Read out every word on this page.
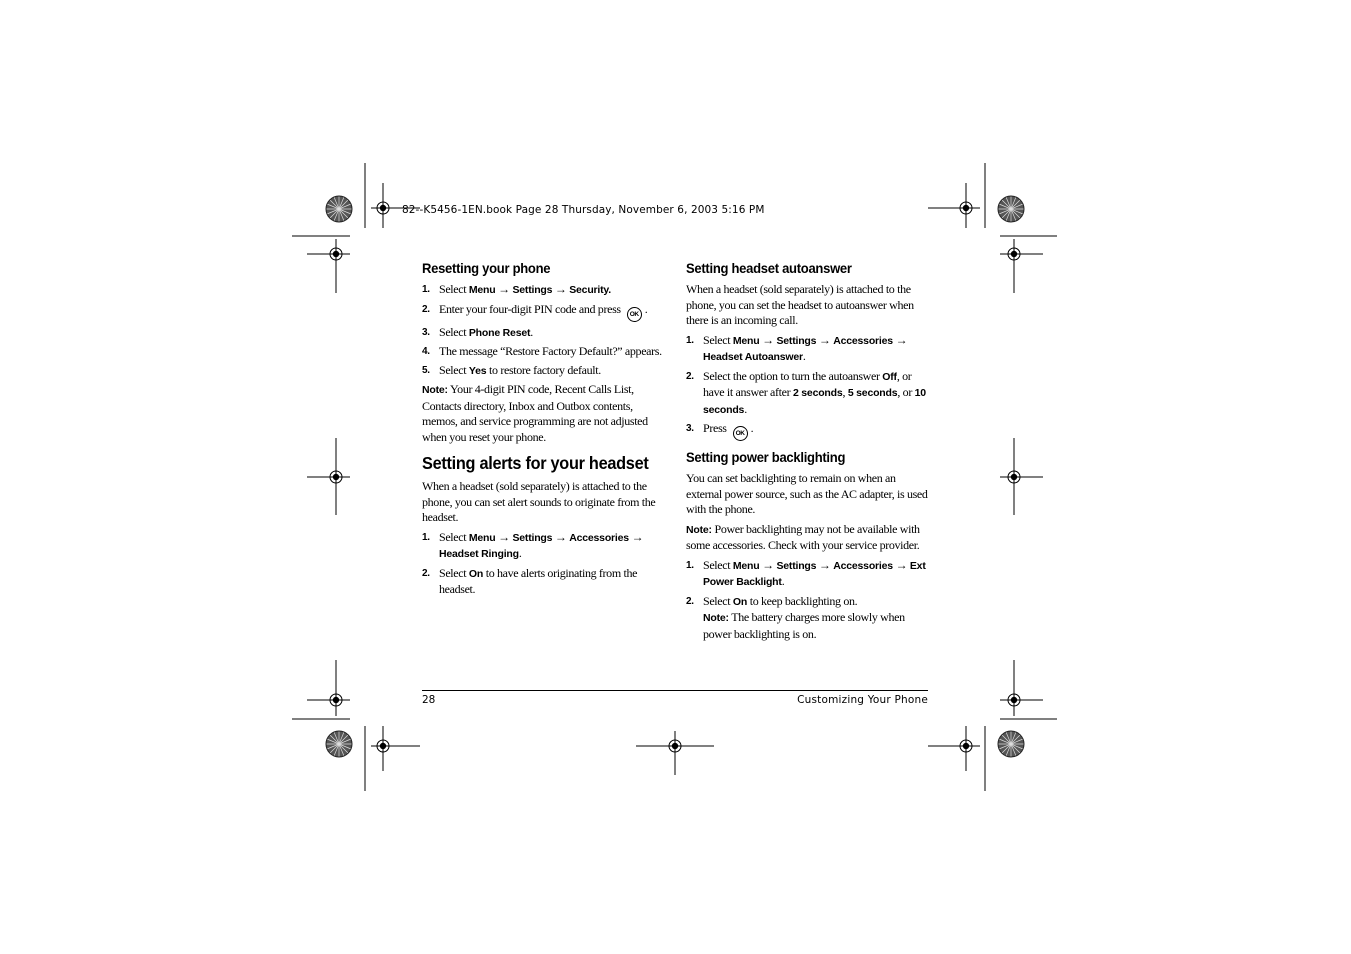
82--K5456-1EN.book Page 28 Thursday, November 6, 2003 5:16 PM
Resetting your phone
1. Select Menu → Settings → Security.
2. Enter your four-digit PIN code and press OK .
3. Select Phone Reset.
4. The message “Restore Factory Default?” appears.
5. Select Yes to restore factory default.

Note: Your 4-digit PIN code, Recent Calls List, Contacts directory, Inbox and Outbox contents, memos, and service programming are not adjusted when you reset your phone.

Setting alerts for your headset

When a headset (sold separately) is attached to the phone, you can set alert sounds to originate from the headset.

1. Select Menu → Settings → Accessories → Headset Ringing.
2. Select On to have alerts originating from the headset.
Setting headset autoanswer

When a headset (sold separately) is attached to the phone, you can set the headset to autoanswer when there is an incoming call.

1. Select Menu → Settings → Accessories → Headset Autoanswer.
2. Select the option to turn the autoanswer Off, or have it answer after 2 seconds, 5 seconds, or 10 seconds.
3. Press OK .
Setting power backlighting

You can set backlighting to remain on when an external power source, such as the AC adapter, is used with the phone.

Note: Power backlighting may not be available with some accessories. Check with your service provider.

1. Select Menu → Settings → Accessories → Ext Power Backlight.
2. Select On to keep backlighting on.
Note: The battery charges more slowly when power backlighting is on.
28	Customizing Your Phone
